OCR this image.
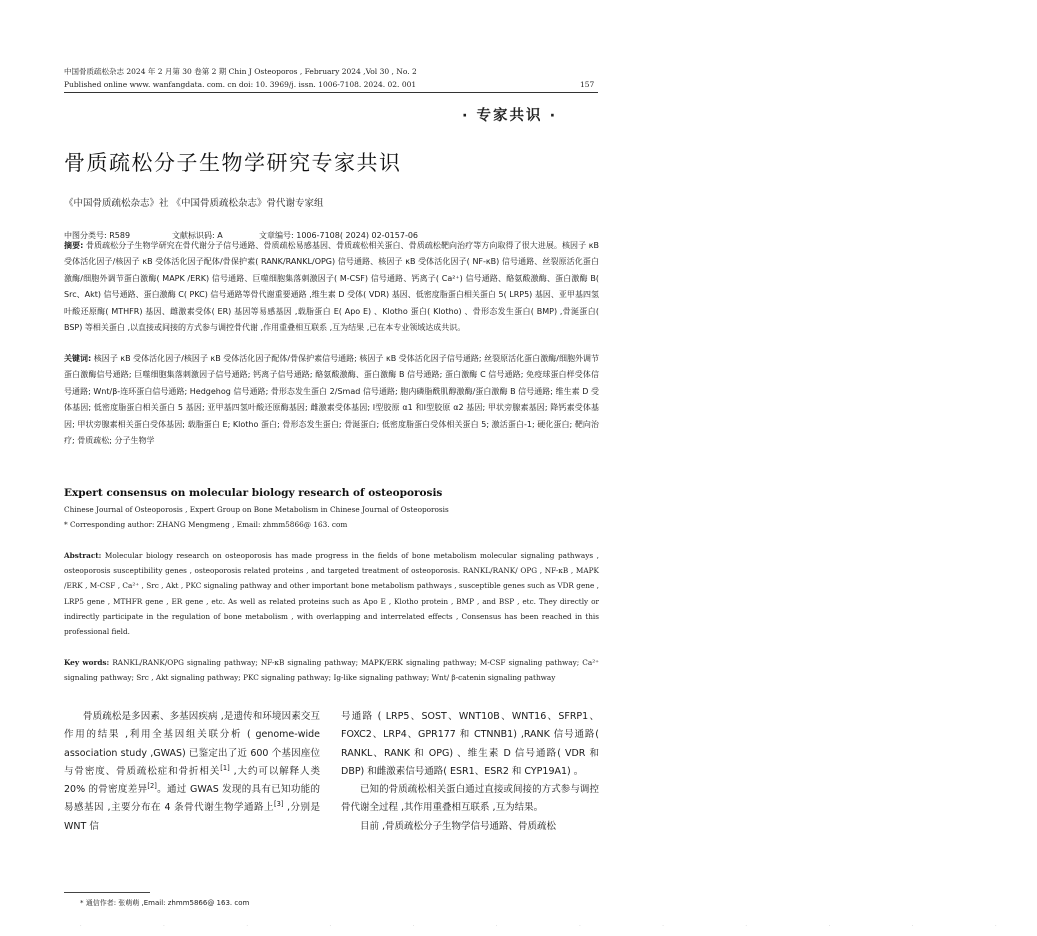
中国骨质疏松杂志 2024 年 2 月第 30 卷第 2 期 Chin J Osteoporos , February 2024 ,Vol 30 , No. 2
Published online www. wanfangdata. com. cn doi: 10. 3969/j. issn. 1006-7108. 2024. 02. 001	157
· 专家共识 ·
骨质疏松分子生物学研究专家共识
《中国骨质疏松杂志》社 《中国骨质疏松杂志》骨代谢专家组
中图分类号: R589	文献标识码: A	文章编号: 1006-7108( 2024) 02-0157-06
摘要: 骨质疏松分子生物学研究在骨代谢分子信号通路、骨质疏松易感基因、骨质疏松相关蛋白、骨质疏松靶向治疗等方向取得了很大进展。核因子 κB 受体活化因子/核因子 κB 受体活化因子配体/骨保护素( RANK/RANKL/OPG) 信号通路、核因子 κB 受体活化因子( NF-κB) 信号通路、丝裂原活化蛋白激酶/细胞外调节蛋白激酶( MAPK /ERK) 信号通路、巨噬细胞集落刺激因子( M-CSF) 信号通路、钙离子( Ca²⁺) 信号通路、酪氨酸激酶、蛋白激酶 B( Src、Akt) 信号通路、蛋白激酶 C( PKC) 信号通路等骨代谢重要通路 ,维生素 D 受体( VDR) 基因、低密度脂蛋白相关蛋白 5( LRP5) 基因、亚甲基四氢叶酸还原酶( MTHFR) 基因、雌激素受体( ER) 基因等易感基因 ,载脂蛋白 E( Apo E) 、Klotho 蛋白( Klotho) 、骨形态发生蛋白( BMP) ,骨涎蛋白( BSP) 等相关蛋白 ,以直接或间接的方式参与调控骨代谢 ,作用重叠相互联系 ,互为结果 ,已在本专业领域达成共识。
关键词: 核因子 κB 受体活化因子/核因子 κB 受体活化因子配体/骨保护素信号通路; 核因子 κB 受体活化因子信号通路; 丝裂原活化蛋白激酶/细胞外调节蛋白激酶信号通路; 巨噬细胞集落刺激因子信号通路; 钙离子信号通路; 酪氨酸激酶、蛋白激酶 B 信号通路; 蛋白激酶 C 信号通路; 免疫球蛋白样受体信号通路; Wnt/β-连环蛋白信号通路; Hedgehog 信号通路; 骨形态发生蛋白 2/Smad 信号通路; 胞内磷脂酰肌醇激酶/蛋白激酶 B 信号通路; 维生素 D 受体基因; 低密度脂蛋白相关蛋白 5 基因; 亚甲基四氢叶酸还原酶基因; 雌激素受体基因; Ⅰ型胶原 α1 和Ⅰ型胶原 α2 基因; 甲状旁腺素基因; 降钙素受体基因; 甲状旁腺素相关蛋白受体基因; 载脂蛋白 E; Klotho 蛋白; 骨形态发生蛋白; 骨涎蛋白; 低密度脂蛋白受体相关蛋白 5; 激活蛋白-1; 硬化蛋白; 靶向治疗; 骨质疏松; 分子生物学
Expert consensus on molecular biology research of osteoporosis
Chinese Journal of Osteoporosis , Expert Group on Bone Metabolism in Chinese Journal of Osteoporosis
* Corresponding author: ZHANG Mengmeng , Email: zhmm5866@ 163. com
Abstract: Molecular biology research on osteoporosis has made progress in the fields of bone metabolism molecular signaling pathways , osteoporosis susceptibility genes , osteoporosis related proteins , and targeted treatment of osteoporosis. RANKL/RANK/ OPG , NF-κB , MAPK /ERK , M-CSF , Ca²⁺ , Src , Akt , PKC signaling pathway and other important bone metabolism pathways , susceptible genes such as VDR gene , LRP5 gene , MTHFR gene , ER gene , etc. As well as related proteins such as Apo E , Klotho protein , BMP , and BSP , etc. They directly or indirectly participate in the regulation of bone metabolism , with overlapping and interrelated effects , Consensus has been reached in this professional field.
Key words: RANKL/RANK/OPG signaling pathway; NF-κB signaling pathway; MAPK/ERK signaling pathway; M-CSF signaling pathway; Ca²⁺ signaling pathway; Src , Akt signaling pathway; PKC signaling pathway; Ig-like signaling pathway; Wnt/ β-catenin signaling pathway
骨质疏松是多因素、多基因疾病 ,是遗传和环境因素交互作用的结果 ,利用全基因组关联分析 ( genome-wide association study ,GWAS) 已鉴定出了近 600 个基因座位与骨密度、骨质疏松症和骨折相关[1] ,大约可以解释人类 20% 的骨密度差异[2]。通过 GWAS 发现的具有已知功能的易感基因 ,主要分布在 4 条骨代谢生物学通路上[3] ,分别是 WNT 信
号通路 ( LRP5、SOST、WNT10B、WNT16、SFRP1、FOXC2、LRP4、GPR177 和 CTNNB1) ,RANK 信号通路( RANKL、RANK 和 OPG) 、维生素 D 信号通路( VDR 和 DBP) 和雌激素信号通路( ESR1、ESR2 和 CYP19A1) 。
已知的骨质疏松相关蛋白通过直接或间接的方式参与调控骨代谢全过程 ,其作用重叠相互联系 ,互为结果。
目前 ,骨质疏松分子生物学信号通路、骨质疏松
* 通信作者: 张萌萌 ,Email: zhmm5866@ 163. com
. . . . . . . . . . . .
